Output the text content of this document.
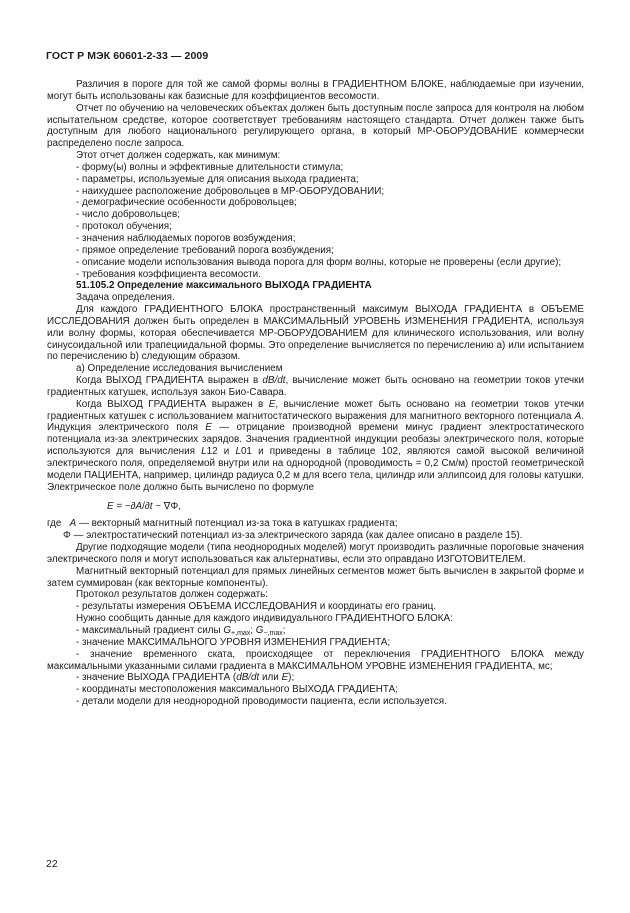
ГОСТ Р МЭК 60601-2-33 — 2009

Различия в пороге для той же самой формы волны в ГРАДИЕНТНОМ БЛОКЕ, наблюдаемые при изучении, могут быть использованы как базисные для коэффициентов весомости.

Отчет по обучению на человеческих объектах должен быть доступным после запроса для контроля на любом испытательном средстве, которое соответствует требованиям настоящего стандарта. Отчет должен также быть доступным для любого национального регулирующего органа, в который МР-ОБОРУДОВАНИЕ коммерчески распределено после запроса.

Этот отчет должен содержать, как минимум:

- форму(ы) волны и эффективные длительности стимула;

- параметры, используемые для описания выхода градиента;

- наихудшее расположение добровольцев в МР-ОБОРУДОВАНИИ;

- демографические особенности добровольцев;

- число добровольцев;

- протокол обучения;

- значения наблюдаемых порогов возбуждения;

- прямое определение требований порога возбуждения;

- описание модели использования вывода порога для форм волны, которые не проверены (если другие);

- требования коэффициента весомости.

51.105.2 Определение максимального ВЫХОДА ГРАДИЕНТА

Задача определения.

Для каждого ГРАДИЕНТНОГО БЛОКА пространственный максимум ВЫХОДА ГРАДИЕНТА в ОБЪЕМЕ ИССЛЕДОВАНИЯ должен быть определен в МАКСИМАЛЬНЫЙ УРОВЕНЬ ИЗМЕНЕНИЯ ГРАДИЕНТА, используя или волну формы, которая обеспечивается МР-ОБОРУДОВАНИЕМ для клинического использования, или волну синусоидальной или трапециидальной формы. Это определение вычисляется по перечислению а) или испытанием по перечислению b) следующим образом.

а) Определение исследования вычислением

Когда ВЫХОД ГРАДИЕНТА выражен в dB/dt, вычисление может быть основано на геометрии токов утечки градиентных катушек, используя закон Био-Савара.

Когда ВЫХОД ГРАДИЕНТА выражен в E, вычисление может быть основано на геометрии токов утечки градиентных катушек с использованием магнитостатического выражения для магнитного векторного потенциала A. Индукция электрического поля E — отрицание производной времени минус градиент электростатического потенциала из-за электрических зарядов. Значения градиентной индукции реобазы электрического поля, которые используются для вычисления L12 и L01 и приведены в таблице 102, являются самой высокой величиной электрического поля, определяемой внутри или на однородной (проводимость = 0,2 См/м) простой геометрической модели ПАЦИЕНТА, например, цилиндр радиуса 0,2 м для всего тела, цилиндр или эллипсоид для головы катушки. Электрическое поле должно быть вычислено по формуле

E = −∂A/∂t − ∇Φ,

где A — векторный магнитный потенциал из-за тока в катушках градиента;

Φ — электростатический потенциал из-за электрического заряда (как далее описано в разделе 15).

Другие подходящие модели (типа неоднородных моделей) могут производить различные пороговые значения электрического поля и могут использоваться как альтернативы, если это оправдано ИЗГОТОВИТЕЛЕМ.

Магнитный векторный потенциал для прямых линейных сегментов может быть вычислен в закрытой форме и затем суммирован (как векторные компоненты).

Протокол результатов должен содержать:

- результаты измерения ОБЪЕМА ИССЛЕДОВАНИЯ и координаты его границ.

Нужно сообщить данные для каждого индивидуального ГРАДИЕНТНОГО БЛОКА:

- максимальный градиент силы $G_{+,max}$; $G_{-,max}$;

- значение МАКСИМАЛЬНОГО УРОВНЯ ИЗМЕНЕНИЯ ГРАДИЕНТА;

- значение временного ската, происходящее от переключения ГРАДИЕНТНОГО БЛОКА между максимальными указанными силами градиента в МАКСИМАЛЬНОМ УРОВНЕ ИЗМЕНЕНИЯ ГРАДИЕНТА, мс;

- значение ВЫХОДА ГРАДИЕНТА (dB/dt или E);

- координаты местоположения максимального ВЫХОДА ГРАДИЕНТА;

- детали модели для неоднородной проводимости пациента, если используется.

22
